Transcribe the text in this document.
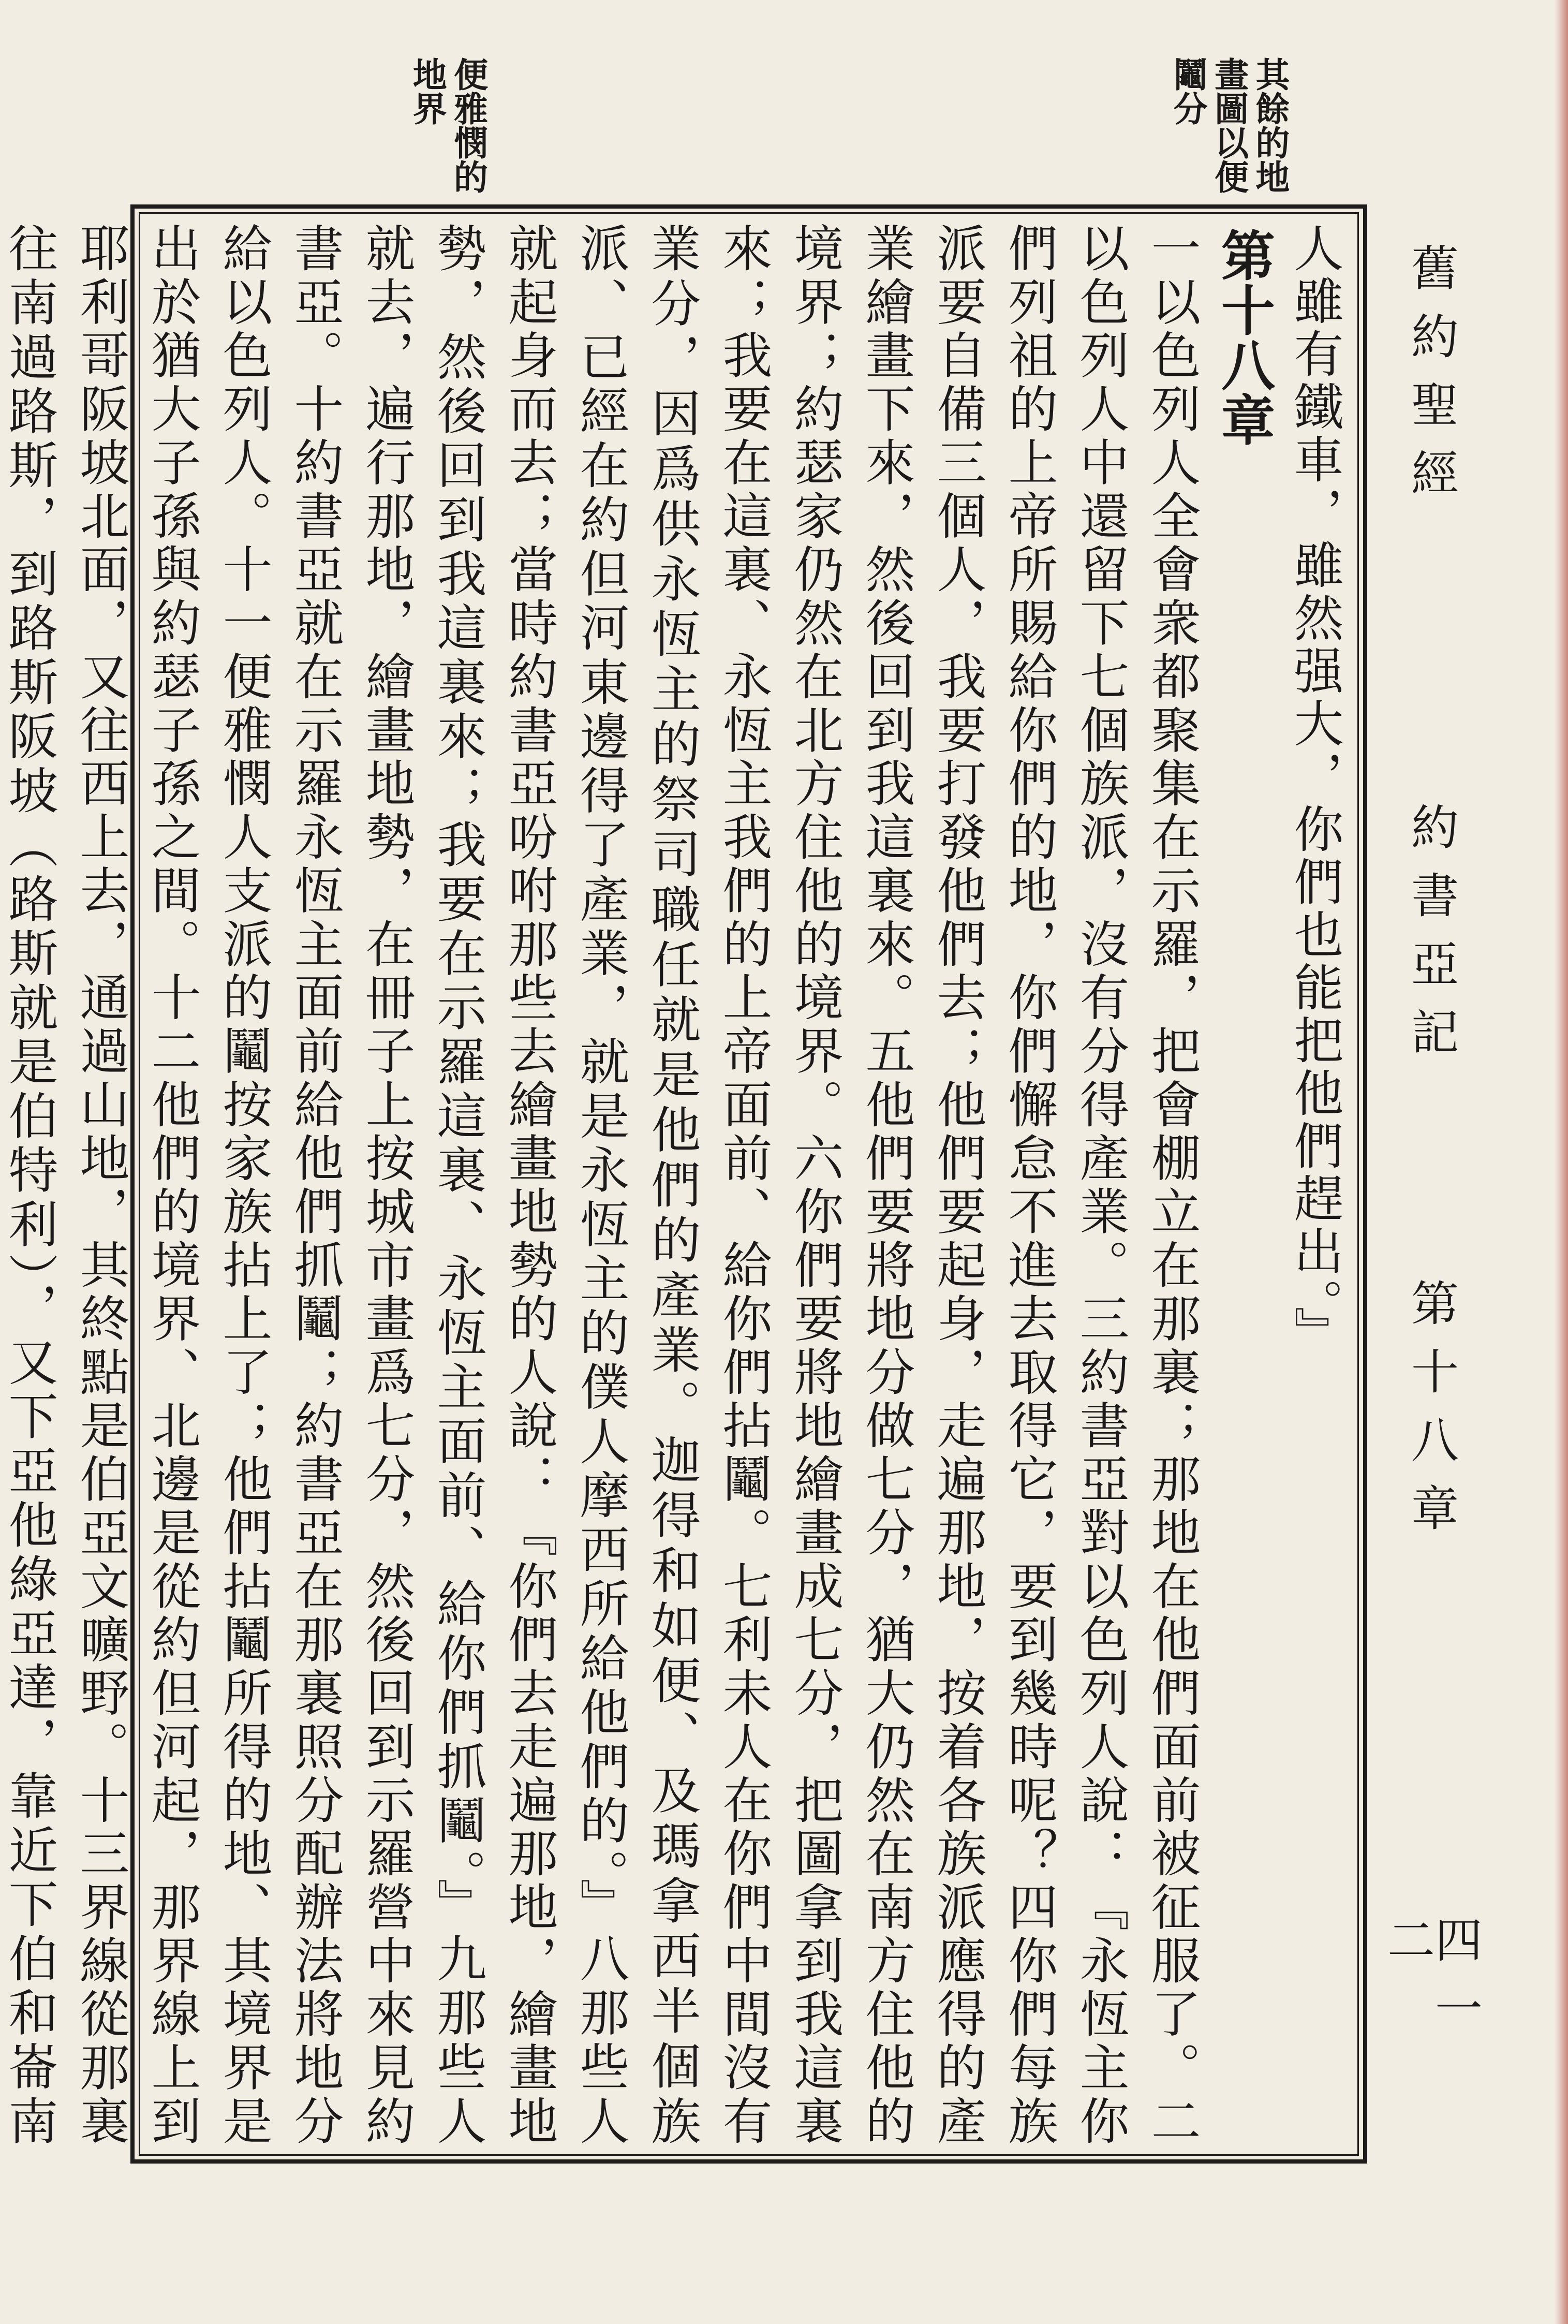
舊約聖經
約書亞記
第十八章
四一二
其餘的地
畫圖以便
鬮分
便雅憫的
地界

人雖有鐵車，雖然强大，你們也能把他們趕出。』

第十八章

一以色列人全會衆都聚集在示羅，把會棚立在那裏；那地在他們面前被征服了。二以色列人中還留下七個族派，沒有分得產業。三約書亞對以色列人說：『永恆主你們列祖的上帝所賜給你們的地，你們懈怠不進去取得它，要到幾時呢？四你們每族派要自備三個人，我要打發他們去；他們要起身，走遍那地，按着各族派應得的產業繪畫下來，然後回到我這裏來。五他們要將地分做七分，猶大仍然在南方住他的境界；約瑟家仍然在北方住他的境界。六你們要將地繪畫成七分，把圖拿到我這裏來；我要在這裏、永恆主我們的上帝面前、給你們拈鬮。七利未人在你們中間沒有業分，因爲供永恆主的祭司職任就是他們的產業。迦得和如便、及瑪拿西半個族派、已經在約但河東邊得了產業，就是永恆主的僕人摩西所給他們的。』八那些人就起身而去；當時約書亞吩咐那些去繪畫地勢的人說：『你們去走遍那地，繪畫地勢，然後回到我這裏來；我要在示羅這裏、永恆主面前、給你們抓鬮。』九那些人就去，遍行那地，繪畫地勢，在冊子上按城市畫爲七分，然後回到示羅營中來見約書亞。十約書亞就在示羅永恆主面前給他們抓鬮；約書亞在那裏照分配辦法將地分給以色列人。十一便雅憫人支派的鬮按家族拈上了；他們拈鬮所得的地、其境界是出於猶大子孫與約瑟子孫之間。十二他們的境界、北邊是從約但河起，那界線上到耶利哥阪坡北面，又往西上去，通過山地，其終點是伯亞文曠野。十三界線從那裏往南過路斯，到路斯阪坡（路斯就是伯特利），又下亞他綠亞達，靠近下伯和崙南
